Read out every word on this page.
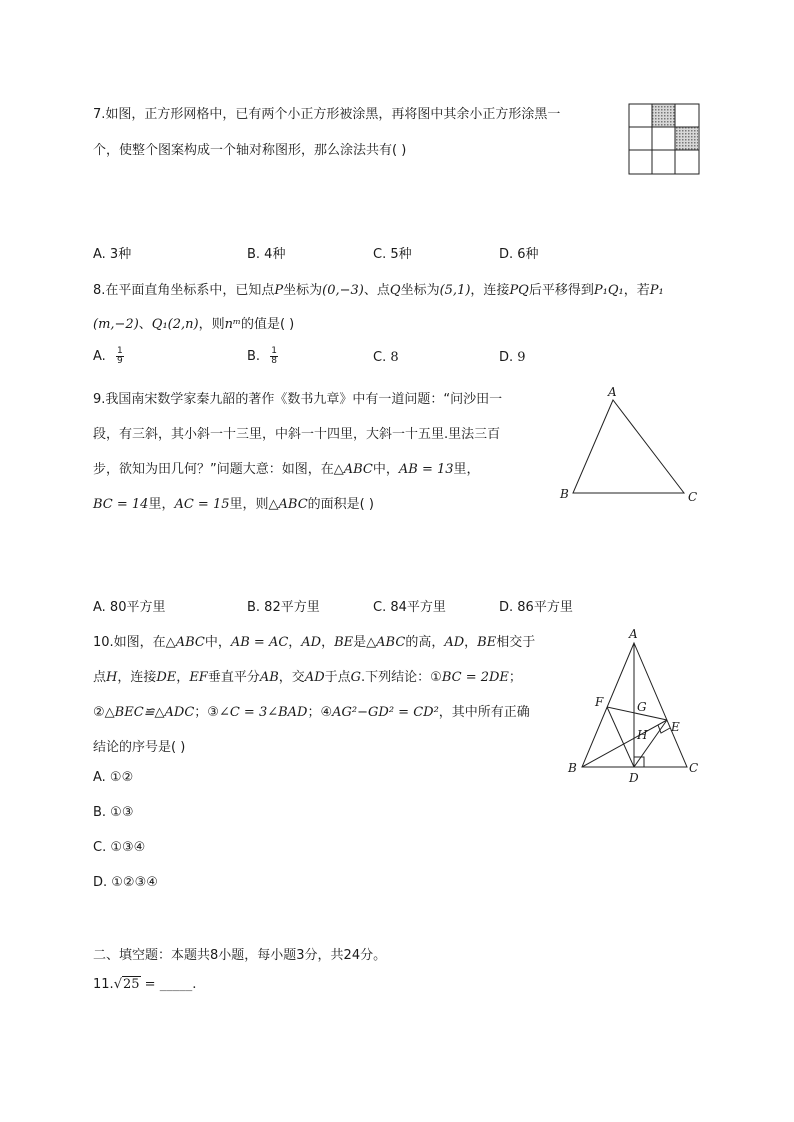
7.如图，正方形网格中，已有两个小正方形被涂黑，再将图中其余小正方形涂黑一
个，使整个图案构成一个轴对称图形，那么涂法共有( )
A. 3种	B. 4种	C. 5种	D. 6种
8.在平面直角坐标系中，已知点P坐标为(0,−3)、点Q坐标为(5,1)，连接PQ后平移得到P₁Q₁，若P₁
(m,−2)、Q₁(2,n)，则nᵐ的值是( )
A. $\frac{1}{9}$	B. $\frac{1}{8}$	C. 8	D. 9
9.我国南宋数学家秦九韶的著作《数书九章》中有一道问题：“问沙田一
段，有三斜，其小斜一十三里，中斜一十四里，大斜一十五里.里法三百
步，欲知为田几何？”问题大意：如图，在△ABC中，AB = 13里，
BC = 14里，AC = 15里，则△ABC的面积是( )
A
B	C
A. 80平方里	B. 82平方里	C. 84平方里	D. 86平方里
10.如图，在△ABC中，AB = AC，AD，BE是△ABC的高，AD，BE相交于
点H，连接DE，EF垂直平分AB，交AD于点G.下列结论：①BC = 2DE；
②△BEC≌△ADC；③∠C = 3∠BAD；④AG²−GD² = CD²，其中所有正确
结论的序号是( )
A. ①②
B. ①③
C. ①③④
D. ①②③④
A
B	C
D
E
F	G
H
二、填空题：本题共8小题，每小题3分，共24分。
11.√25 = _____.
